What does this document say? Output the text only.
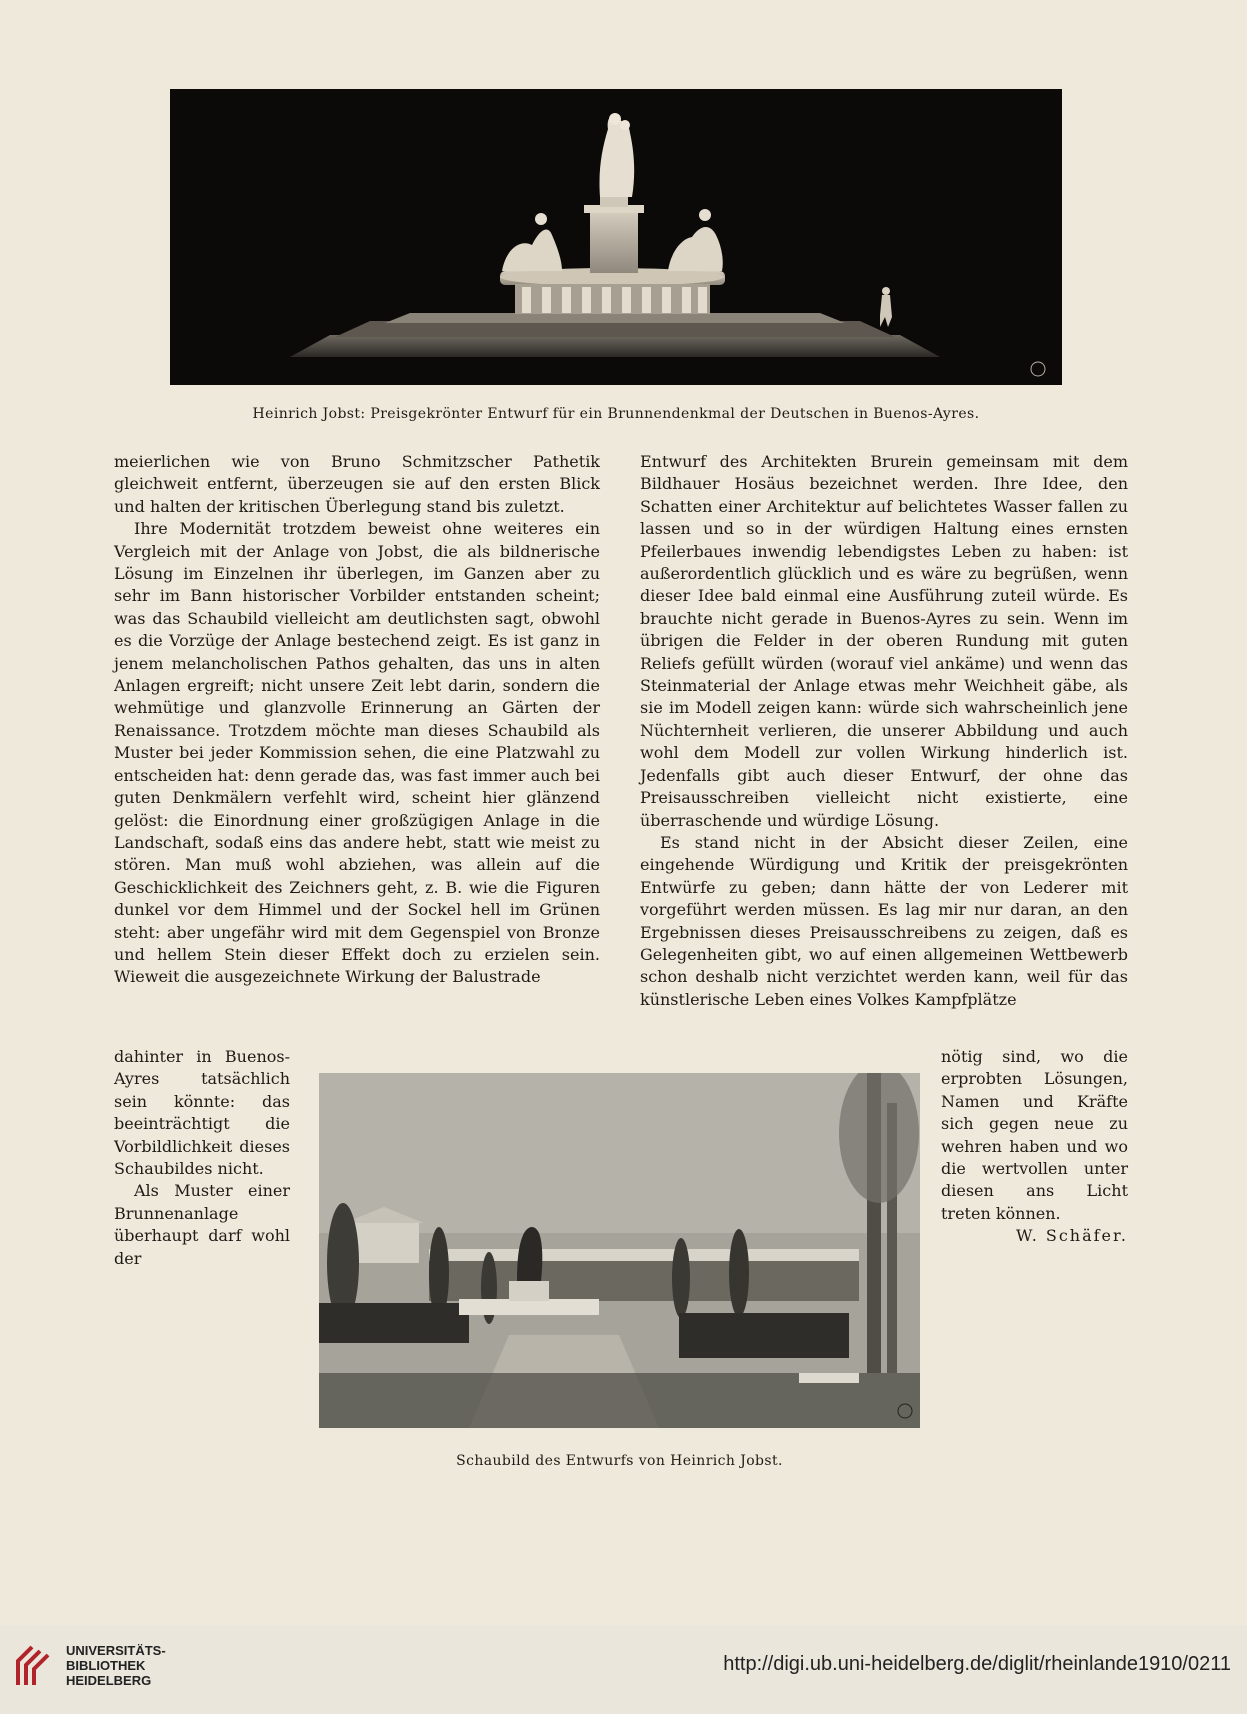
Heinrich Jobst: Preisgekrönter Entwurf für ein Brunnendenkmal der Deutschen in Buenos-Ayres.

meierlichen wie von Bruno Schmitzscher Pathetik gleichweit entfernt, überzeugen sie auf den ersten Blick und halten der kritischen Überlegung stand bis zuletzt.

Ihre Modernität trotzdem beweist ohne weiteres ein Vergleich mit der Anlage von Jobst, die als bildnerische Lösung im Einzelnen ihr überlegen, im Ganzen aber zu sehr im Bann historischer Vorbilder entstanden scheint; was das Schaubild vielleicht am deutlichsten sagt, obwohl es die Vorzüge der Anlage bestechend zeigt. Es ist ganz in jenem melancholischen Pathos gehalten, das uns in alten Anlagen ergreift; nicht unsere Zeit lebt darin, sondern die wehmütige und glanzvolle Erinnerung an Gärten der Renaissance. Trotzdem möchte man dieses Schaubild als Muster bei jeder Kommission sehen, die eine Platzwahl zu entscheiden hat: denn gerade das, was fast immer auch bei guten Denkmälern verfehlt wird, scheint hier glänzend gelöst: die Einordnung einer großzügigen Anlage in die Landschaft, sodaß eins das andere hebt, statt wie meist zu stören. Man muß wohl abziehen, was allein auf die Geschicklichkeit des Zeichners geht, z. B. wie die Figuren dunkel vor dem Himmel und der Sockel hell im Grünen steht: aber ungefähr wird mit dem Gegenspiel von Bronze und hellem Stein dieser Effekt doch zu erzielen sein. Wieweit die ausgezeichnete Wirkung der Balustrade

dahinter in Buenos-Ayres tatsächlich sein könnte: das beeinträchtigt die Vorbildlichkeit dieses Schaubildes nicht.

Als Muster einer Brunnenanlage überhaupt darf wohl der

Entwurf des Architekten Brurein gemeinsam mit dem Bildhauer Hosäus bezeichnet werden. Ihre Idee, den Schatten einer Architektur auf belichtetes Wasser fallen zu lassen und so in der würdigen Haltung eines ernsten Pfeilerbaues inwendig lebendigstes Leben zu haben: ist außerordentlich glücklich und es wäre zu begrüßen, wenn dieser Idee bald einmal eine Ausführung zuteil würde. Es brauchte nicht gerade in Buenos-Ayres zu sein. Wenn im übrigen die Felder in der oberen Rundung mit guten Reliefs gefüllt würden (worauf viel ankäme) und wenn das Steinmaterial der Anlage etwas mehr Weichheit gäbe, als sie im Modell zeigen kann: würde sich wahrscheinlich jene Nüchternheit verlieren, die unserer Abbildung und auch wohl dem Modell zur vollen Wirkung hinderlich ist. Jedenfalls gibt auch dieser Entwurf, der ohne das Preisausschreiben vielleicht nicht existierte, eine überraschende und würdige Lösung.

Es stand nicht in der Absicht dieser Zeilen, eine eingehende Würdigung und Kritik der preisgekrönten Entwürfe zu geben; dann hätte der von Lederer mit vorgeführt werden müssen. Es lag mir nur daran, an den Ergebnissen dieses Preisausschreibens zu zeigen, daß es Gelegenheiten gibt, wo auf einen allgemeinen Wettbewerb schon deshalb nicht verzichtet werden kann, weil für das künstlerische Leben eines Volkes Kampfplätze

nötig sind, wo die erprobten Lösungen, Namen und Kräfte sich gegen neue zu wehren haben und wo die wertvollen unter diesen ans Licht treten können.

W. Schäfer.

Schaubild des Entwurfs von Heinrich Jobst.
UNIVERSITÄTS-
BIBLIOTHEK
HEIDELBERG
http://digi.ub.uni-heidelberg.de/diglit/rheinlande1910/0211
